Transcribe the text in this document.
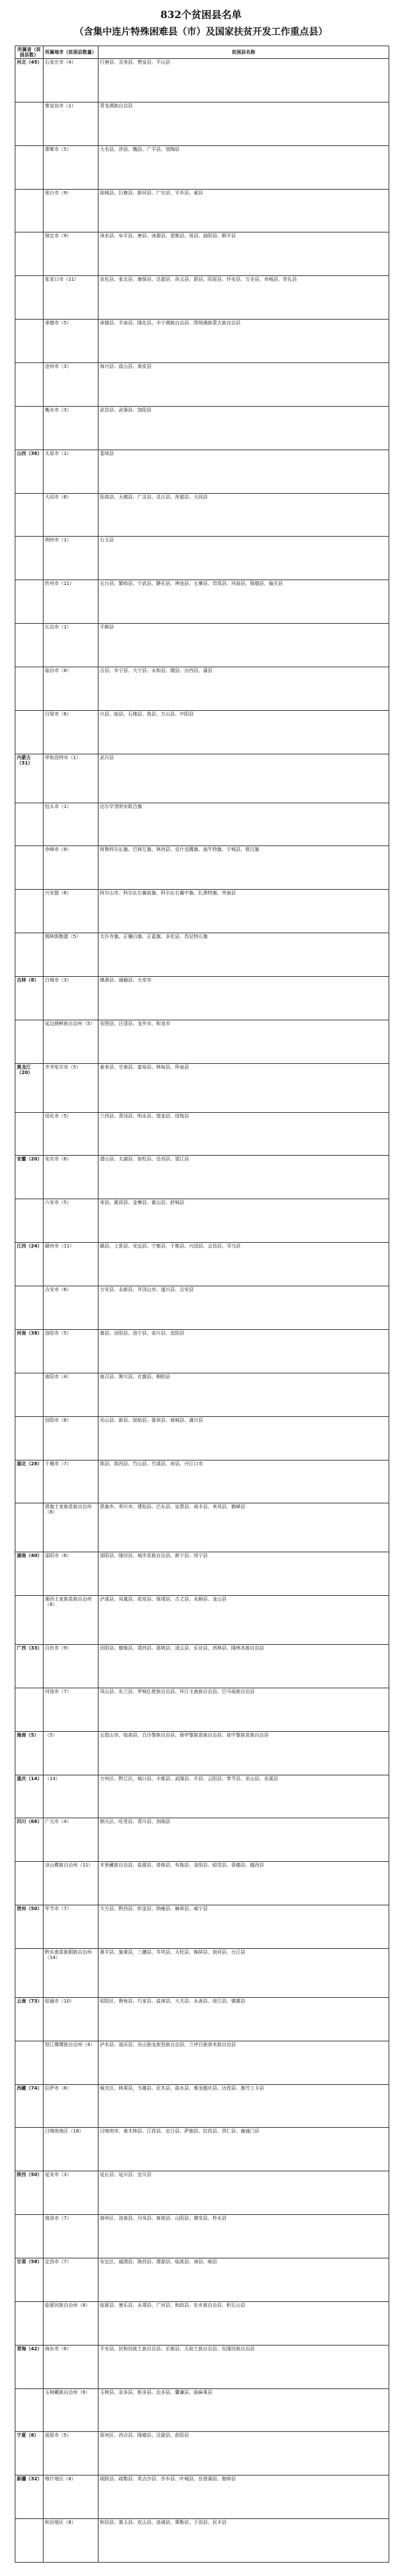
832个贫困县名单
（含集中连片特殊困难县（市）及国家扶贫开发工作重点县）
所属省（贫困县数）	所属地市（贫困县数量）	贫困县名称
河北（45）	石家庄市（4）	行唐县、灵寿县、赞皇县、平山县
	秦皇岛市（1）	青龙满族自治县
	邯郸市（5）	大名县、涉县、魏县、广平县、馆陶县
	邢台市（9）	临城县、巨鹿县、新河县、广宗县、平乡县、威县
	保定市（9）	涞水县、阜平县、唐县、涞源县、望都县、易县、曲阳县、顺平县
	张家口市（11）	宣化县、张北县、康保县、沽源县、尚义县、蔚县、阳原县、怀安县、万全县、赤城县、崇礼县
	承德市（5）	承德县、平泉县、隆化县、丰宁满族自治县、围场满族蒙古族自治县
	沧州市（3）	海兴县、盐山县、南皮县
	衡水市（3）	武邑县、武强县、饶阳县
山西（36）	太原市（1）	娄烦县
	大同市（6）	阳高县、天镇县、广灵县、灵丘县、浑源县、大同县
	朔州市（1）	右玉县
	忻州市（11）	五台县、繁峙县、宁武县、静乐县、神池县、五寨县、岢岚县、河曲县、保德县、偏关县
	长治市（1）	平顺县
	临汾市（8）	吉县、乡宁县、大宁县、永和县、隰县、汾西县、蒲县
	吕梁市（6）	兴县、临县、石楼县、岚县、方山县、中阳县
内蒙古（31）	呼和浩特市（1）	武川县
	包头市（1）	达尔罕茂明安联合旗
	赤峰市（8）	阿鲁科尔沁旗、巴林左旗、林西县、克什克腾旗、翁牛特旗、宁城县、敖汉旗
	兴安盟（6）	阿尔山市、科尔沁右翼前旗、科尔沁右翼中旗、扎赉特旗、突泉县
	锡林郭勒盟（5）	太仆寺旗、正镶白旗、正蓝旗、多伦县、苏尼特右旗
吉林（8）	白城市（3）	镇赉县、通榆县、大安市
	延边朝鲜族自治州（5）	安图县、汪清县、龙井市、和龙市
黑龙江（20）	齐齐哈尔市（5）	泰来县、甘南县、富裕县、林甸县、拜泉县
	绥化市（5）	兰西县、青冈县、明水县、望奎县、绥棱县
安徽（20）	安庆市（6）	潜山县、太湖县、宿松县、岳西县、望江县
	六安市（5）	寿县、霍邱县、金寨县、霍山县、舒城县
江西（24）	赣州市（11）	赣县、上犹县、安远县、宁都县、于都县、兴国县、会昌县、寻乌县
	吉安市（6）	万安县、永新县、井冈山市、遂川县、吉安县
河南（38）	洛阳市（5）	嵩县、汝阳县、洛宁县、栾川县、宜阳县
	南阳市（4）	南召县、淅川县、社旗县、桐柏县
	信阳市（6）	光山县、新县、固始县、淮滨县、商城县、潢川县
湖北（28）	十堰市（7）	郧县、郧西县、竹山县、竹溪县、房县、丹江口市
	恩施土家族苗族自治州（8）	恩施市、利川市、建始县、巴东县、宣恩县、咸丰县、来凤县、鹤峰县
湖南（40）	邵阳市（6）	邵阳县、隆回县、城步苗族自治县、新宁县、绥宁县
	湘西土家族苗族自治州（8）	泸溪县、凤凰县、花垣县、保靖县、古丈县、永顺县、龙山县
广西（33）	百色市（9）	田阳县、德保县、靖西县、那坡县、凌云县、乐业县、西林县、隆林各族自治县
	河池市（7）	凤山县、东兰县、罗城仫佬族自治县、环江毛南族自治县、巴马瑶族自治县
海南（5）	（5）	五指山市、临高县、白沙黎族自治县、保亭黎族苗族自治县、琼中黎族苗族自治县
重庆（14）	（14）	万州区、黔江区、城口县、丰都县、武隆县、开县、云阳县、奉节县、巫山县、巫溪县
四川（66）	广元市（4）	朝天区、旺苍县、青川县、剑阁县
	凉山彝族自治州（11）	木里藏族自治县、盐源县、普格县、布拖县、金阳县、昭觉县、喜德县、越西县
贵州（50）	毕节市（7）	大方县、黔西县、织金县、纳雍县、赫章县、威宁县
	黔东南苗族侗族自治州（14）	黄平县、施秉县、三穗县、岑巩县、天柱县、锦屏县、剑河县、台江县
云南（73）	昭通市（10）	昭阳区、鲁甸县、巧家县、盐津县、大关县、永善县、绥江县、镇雄县
	怒江傈僳族自治州（4）	泸水县、福贡县、贡山独龙族怒族自治县、兰坪白族普米族自治县
西藏（74）	拉萨市（8）	城关区、林周县、当雄县、尼木县、曲水县、堆龙德庆县、达孜县、墨竹工卡县
	日喀则地区（18）	日喀则市、南木林县、江孜县、定日县、萨迦县、拉孜县、昂仁县、谢通门县
陕西（50）	延安市（3）	延长县、延川县、宜川县
	商洛市（7）	商州区、洛南县、丹凤县、商南县、山阳县、镇安县、柞水县
甘肃（58）	定西市（7）	安定区、通渭县、陇西县、渭源县、临洮县、漳县、岷县
	临夏回族自治州（8）	临夏县、康乐县、永靖县、广河县、和政县、东乡族自治县、积石山县
青海（42）	海东市（6）	平安县、民和回族土族自治县、乐都县、互助土族自治县、化隆回族自治县
	玉树藏族自治州（6）	玉树县、杂多县、称多县、治多县、囊谦县、曲麻莱县
宁夏（8）	固原市（5）	原州区、西吉县、隆德县、泾源县、彭阳县
新疆（32）	喀什地区（8）	疏附县、疏勒县、英吉沙县、莎车县、叶城县、岳普湖县、伽师县
	和田地区（8）	和田县、墨玉县、皮山县、洛浦县、策勒县、于田县、民丰县
